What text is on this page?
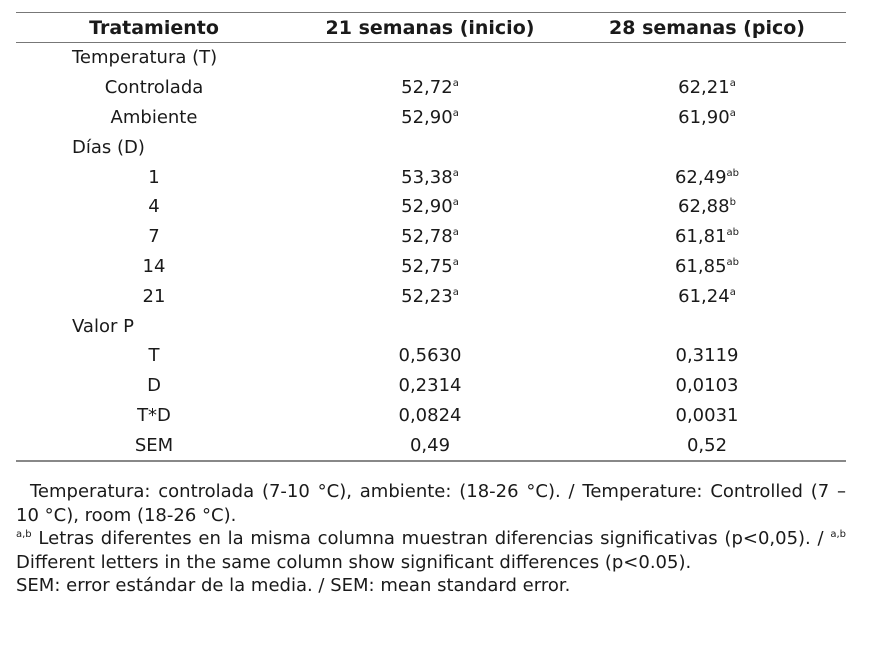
Tratamiento	21 semanas (inicio)	28 semanas (pico)
Temperatura (T)
Controlada	52,72$^a$	62,21$^a$
Ambiente	52,90$^a$	61,90$^a$
Días (D)
1	53,38$^a$	62,49$^{ab}$
4	52,90$^a$	62,88$^b$
7	52,78$^a$	61,81$^{ab}$
14	52,75$^a$	61,85$^{ab}$
21	52,23$^a$	61,24$^a$
Valor P
T	0,5630	0,3119
D	0,2314	0,0103
T*D	0,0824	0,0031
SEM	0,49	0,52

Temperatura: controlada (7-10 °C), ambiente: (18-26 °C). / Temperature: Controlled (7 – 10 °C), room (18-26 °C).

$^{a,b}$ Letras diferentes en la misma columna muestran diferencias significativas (p<0,05). / $^{a,b}$ Different letters in the same column show significant differences (p<0.05).

SEM: error estándar de la media. / SEM: mean standard error.
